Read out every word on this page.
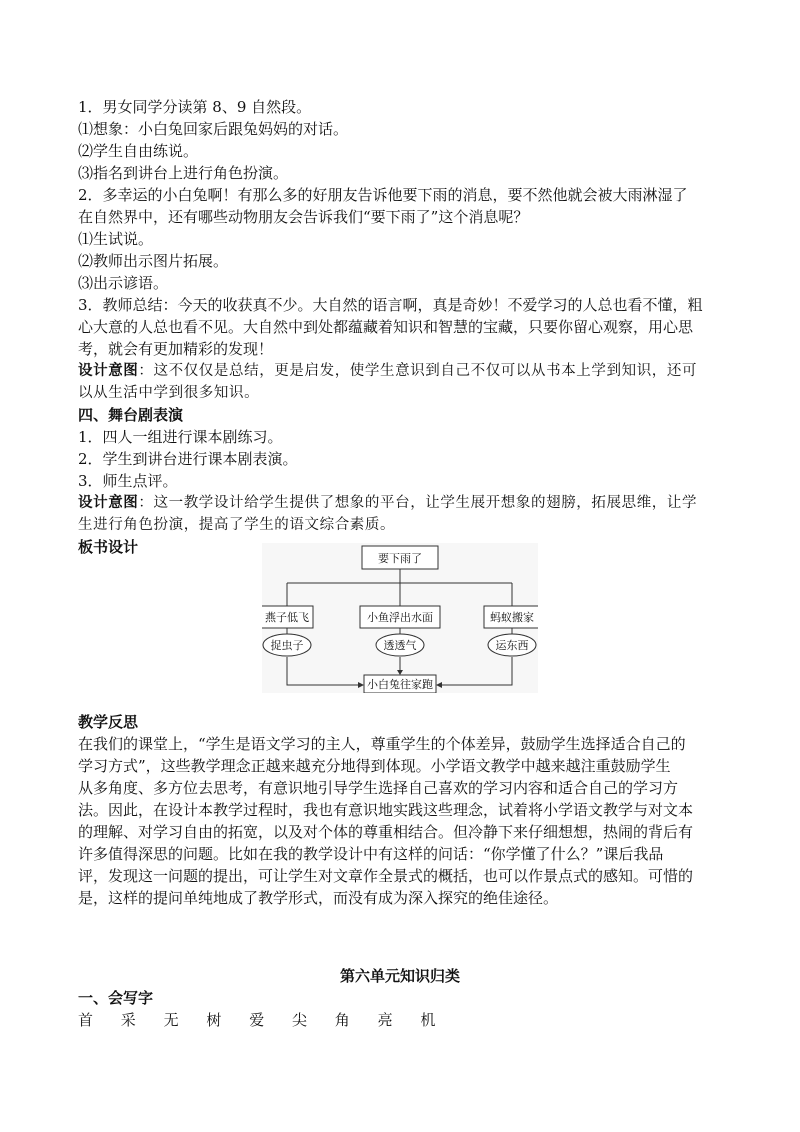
1．男女同学分读第 8、9 自然段。
⑴想象：小白兔回家后跟兔妈妈的对话。
⑵学生自由练说。
⑶指名到讲台上进行角色扮演。
2．多幸运的小白兔啊！有那么多的好朋友告诉他要下雨的消息，要不然他就会被大雨淋湿了
在自然界中，还有哪些动物朋友会告诉我们“要下雨了”这个消息呢？
⑴生试说。
⑵教师出示图片拓展。
⑶出示谚语。
3．教师总结：今天的收获真不少。大自然的语言啊，真是奇妙！不爱学习的人总也看不懂，粗
心大意的人总也看不见。大自然中到处都蕴藏着知识和智慧的宝藏，只要你留心观察，用心思
考，就会有更加精彩的发现！
设计意图：这不仅仅是总结，更是启发，使学生意识到自己不仅可以从书本上学到知识，还可
以从生活中学到很多知识。
四、舞台剧表演
1．四人一组进行课本剧练习。
2．学生到讲台进行课本剧表演。
3．师生点评。
设计意图：这一教学设计给学生提供了想象的平台，让学生展开想象的翅膀，拓展思维，让学
生进行角色扮演，提高了学生的语文综合素质。
板书设计
要下雨了
燕子低飞	小鱼浮出水面	蚂蚁搬家
捉虫子	透透气	运东西
小白兔往家跑
教学反思
在我们的课堂上，“学生是语文学习的主人，尊重学生的个体差异，鼓励学生选择适合自己的
学习方式”，这些教学理念正越来越充分地得到体现。小学语文教学中越来越注重鼓励学生
从多角度、多方位去思考，有意识地引导学生选择自己喜欢的学习内容和适合自己的学习方
法。因此，在设计本教学过程时，我也有意识地实践这些理念，试着将小学语文教学与对文本
的理解、对学习自由的拓宽，以及对个体的尊重相结合。但冷静下来仔细想想，热闹的背后有
许多值得深思的问题。比如在我的教学设计中有这样的问话：“你学懂了什么？”课后我品
评，发现这一问题的提出，可让学生对文章作全景式的概括，也可以作景点式的感知。可惜的
是，这样的提问单纯地成了教学形式，而没有成为深入探究的绝佳途径。
第六单元知识归类
一、会写字
首 采 无 树 爱 尖 角 亮 机
